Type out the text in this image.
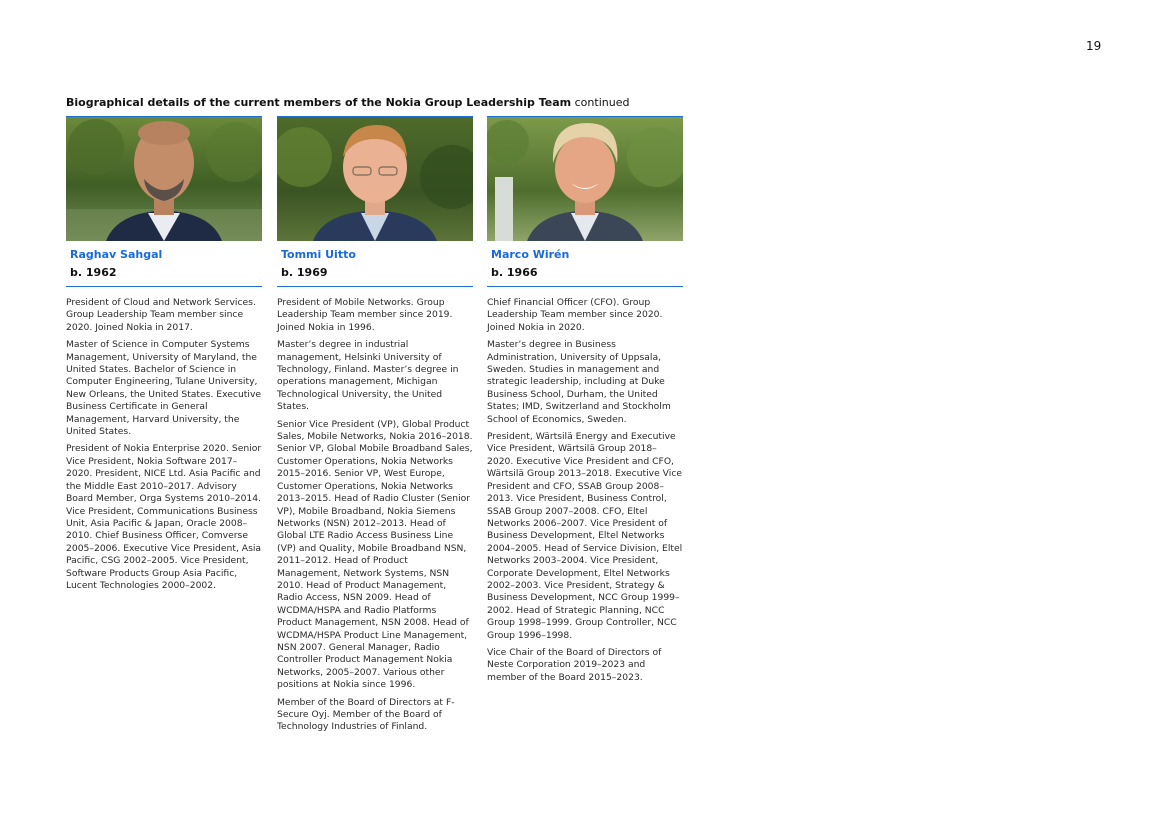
19
Biographical details of the current members of the Nokia Group Leadership Team continued
Raghav Sahgal
b. 1962

President of Cloud and Network Services. Group Leadership Team member since 2020. Joined Nokia in 2017.

Master of Science in Computer Systems Management, University of Maryland, the United States. Bachelor of Science in Computer Engineering, Tulane University, New Orleans, the United States. Executive Business Certificate in General Management, Harvard University, the United States.

President of Nokia Enterprise 2020. Senior Vice President, Nokia Software 2017–2020. President, NICE Ltd. Asia Pacific and the Middle East 2010–2017. Advisory Board Member, Orga Systems 2010–2014. Vice President, Communications Business Unit, Asia Pacific & Japan, Oracle 2008–2010. Chief Business Officer, Comverse 2005–2006. Executive Vice President, Asia Pacific, CSG 2002–2005. Vice President, Software Products Group Asia Pacific, Lucent Technologies 2000–2002.

Tommi Uitto
b. 1969

President of Mobile Networks. Group Leadership Team member since 2019. Joined Nokia in 1996.

Master’s degree in industrial management, Helsinki University of Technology, Finland. Master’s degree in operations management, Michigan Technological University, the United States.

Senior Vice President (VP), Global Product Sales, Mobile Networks, Nokia 2016–2018. Senior VP, Global Mobile Broadband Sales, Customer Operations, Nokia Networks 2015–2016. Senior VP, West Europe, Customer Operations, Nokia Networks 2013–2015. Head of Radio Cluster (Senior VP), Mobile Broadband, Nokia Siemens Networks (NSN) 2012–2013. Head of Global LTE Radio Access Business Line (VP) and Quality, Mobile Broadband NSN, 2011–2012. Head of Product Management, Network Systems, NSN 2010. Head of Product Management, Radio Access, NSN 2009. Head of WCDMA/HSPA and Radio Platforms Product Management, NSN 2008. Head of WCDMA/HSPA Product Line Management, NSN 2007. General Manager, Radio Controller Product Management Nokia Networks, 2005–2007. Various other positions at Nokia since 1996.

Member of the Board of Directors at F-Secure Oyj. Member of the Board of Technology Industries of Finland.

Marco Wirén
b. 1966

Chief Financial Officer (CFO). Group Leadership Team member since 2020. Joined Nokia in 2020.

Master’s degree in Business Administration, University of Uppsala, Sweden. Studies in management and strategic leadership, including at Duke Business School, Durham, the United States; IMD, Switzerland and Stockholm School of Economics, Sweden.

President, Wärtsilä Energy and Executive Vice President, Wärtsilä Group 2018–2020. Executive Vice President and CFO, Wärtsilä Group 2013–2018. Executive Vice President and CFO, SSAB Group 2008–2013. Vice President, Business Control, SSAB Group 2007–2008. CFO, Eltel Networks 2006–2007. Vice President of Business Development, Eltel Networks 2004–2005. Head of Service Division, Eltel Networks 2003–2004. Vice President, Corporate Development, Eltel Networks 2002–2003. Vice President, Strategy & Business Development, NCC Group 1999–2002. Head of Strategic Planning, NCC Group 1998–1999. Group Controller, NCC Group 1996–1998.

Vice Chair of the Board of Directors of Neste Corporation 2019–2023 and member of the Board 2015–2023.
